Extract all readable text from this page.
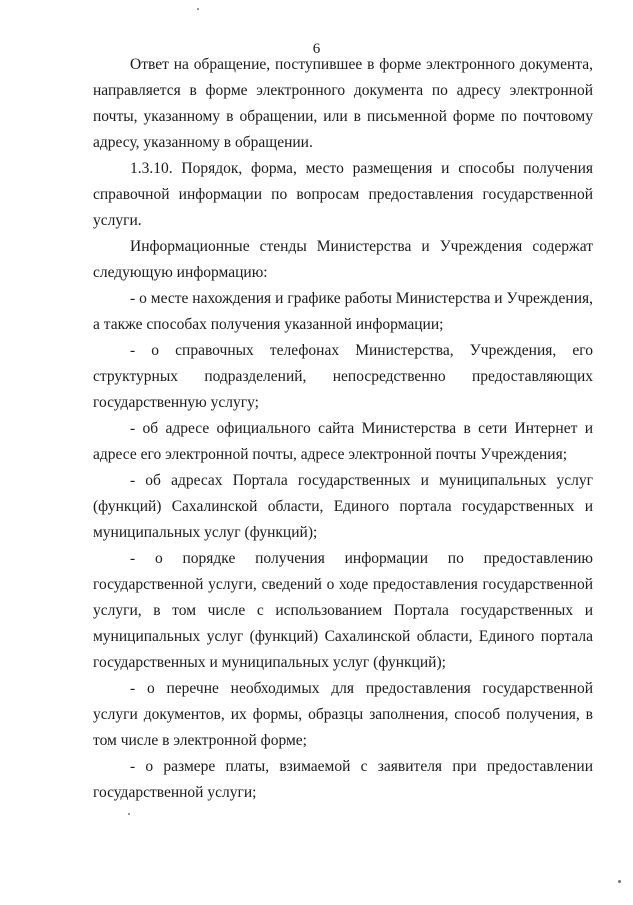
6

Ответ на обращение, поступившее в форме электронного документа, направляется в форме электронного документа по адресу электронной почты, указанному в обращении, или в письменной форме по почтовому адресу, указанному в обращении.

1.3.10. Порядок, форма, место размещения и способы получения справочной информации по вопросам предоставления государственной услуги.

Информационные стенды Министерства и Учреждения содержат следующую информацию:

- о месте нахождения и графике работы Министерства и Учреждения, а также способах получения указанной информации;

- о справочных телефонах Министерства, Учреждения, его структурных подразделений, непосредственно предоставляющих государственную услугу;

- об адресе официального сайта Министерства в сети Интернет и адресе его электронной почты, адресе электронной почты Учреждения;

- об адресах Портала государственных и муниципальных услуг (функций) Сахалинской области, Единого портала государственных и муниципальных услуг (функций);

- о порядке получения информации по предоставлению государственной услуги, сведений о ходе предоставления государственной услуги, в том числе с использованием Портала государственных и муниципальных услуг (функций) Сахалинской области, Единого портала государственных и муниципальных услуг (функций);

- о перечне необходимых для предоставления государственной услуги документов, их формы, образцы заполнения, способ получения, в том числе в электронной форме;

- о размере платы, взимаемой с заявителя при предоставлении государственной услуги;
